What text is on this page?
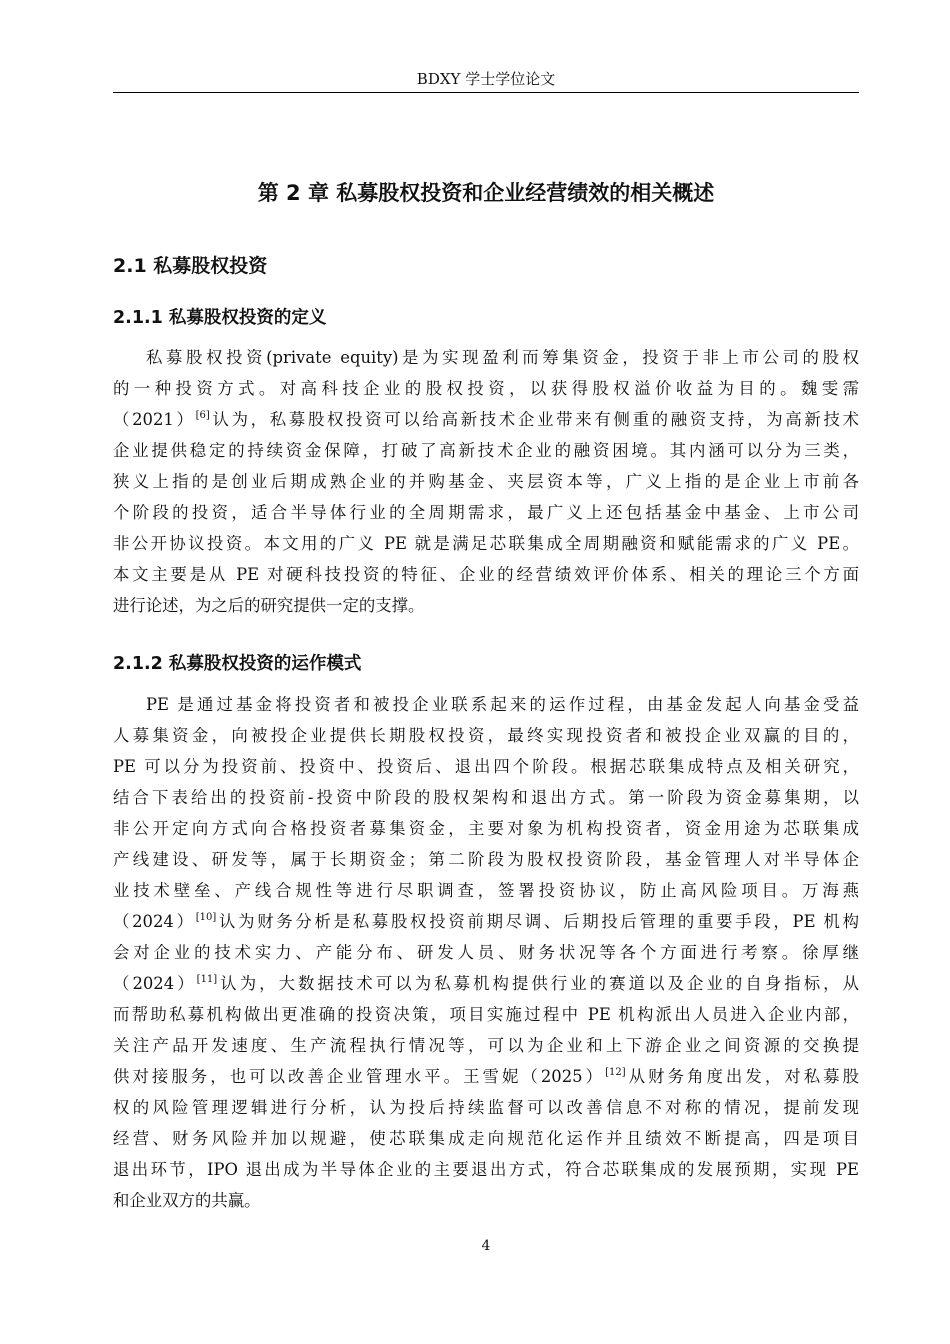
BDXY 学士学位论文
第 2 章 私募股权投资和企业经营绩效的相关概述
2.1 私募股权投资
2.1.1 私募股权投资的定义
私募股权投资(private equity)是为实现盈利而筹集资金，投资于非上市公司的股权
的一种投资方式。对高科技企业的股权投资，以获得股权溢价收益为目的。魏雯霈
（2021）[6]认为，私募股权投资可以给高新技术企业带来有侧重的融资支持，为高新技术
企业提供稳定的持续资金保障，打破了高新技术企业的融资困境。其内涵可以分为三类，
狭义上指的是创业后期成熟企业的并购基金、夹层资本等，广义上指的是企业上市前各
个阶段的投资，适合半导体行业的全周期需求，最广义上还包括基金中基金、上市公司
非公开协议投资。本文用的广义 PE 就是满足芯联集成全周期融资和赋能需求的广义 PE。
本文主要是从 PE 对硬科技投资的特征、企业的经营绩效评价体系、相关的理论三个方面
进行论述，为之后的研究提供一定的支撑。
2.1.2 私募股权投资的运作模式
PE 是通过基金将投资者和被投企业联系起来的运作过程，由基金发起人向基金受益
人募集资金，向被投企业提供长期股权投资，最终实现投资者和被投企业双赢的目的，
PE 可以分为投资前、投资中、投资后、退出四个阶段。根据芯联集成特点及相关研究，
结合下表给出的投资前-投资中阶段的股权架构和退出方式。第一阶段为资金募集期，以
非公开定向方式向合格投资者募集资金，主要对象为机构投资者，资金用途为芯联集成
产线建设、研发等，属于长期资金；第二阶段为股权投资阶段，基金管理人对半导体企
业技术壁垒、产线合规性等进行尽职调查，签署投资协议，防止高风险项目。万海燕
（2024）[10]认为财务分析是私募股权投资前期尽调、后期投后管理的重要手段，PE 机构
会对企业的技术实力、产能分布、研发人员、财务状况等各个方面进行考察。徐厚继
（2024）[11]认为，大数据技术可以为私募机构提供行业的赛道以及企业的自身指标，从
而帮助私募机构做出更准确的投资决策，项目实施过程中 PE 机构派出人员进入企业内部，
关注产品开发速度、生产流程执行情况等，可以为企业和上下游企业之间资源的交换提
供对接服务，也可以改善企业管理水平。王雪妮（2025）[12]从财务角度出发，对私募股
权的风险管理逻辑进行分析，认为投后持续监督可以改善信息不对称的情况，提前发现
经营、财务风险并加以规避，使芯联集成走向规范化运作并且绩效不断提高，四是项目
退出环节，IPO 退出成为半导体企业的主要退出方式，符合芯联集成的发展预期，实现 PE
和企业双方的共赢。
4
